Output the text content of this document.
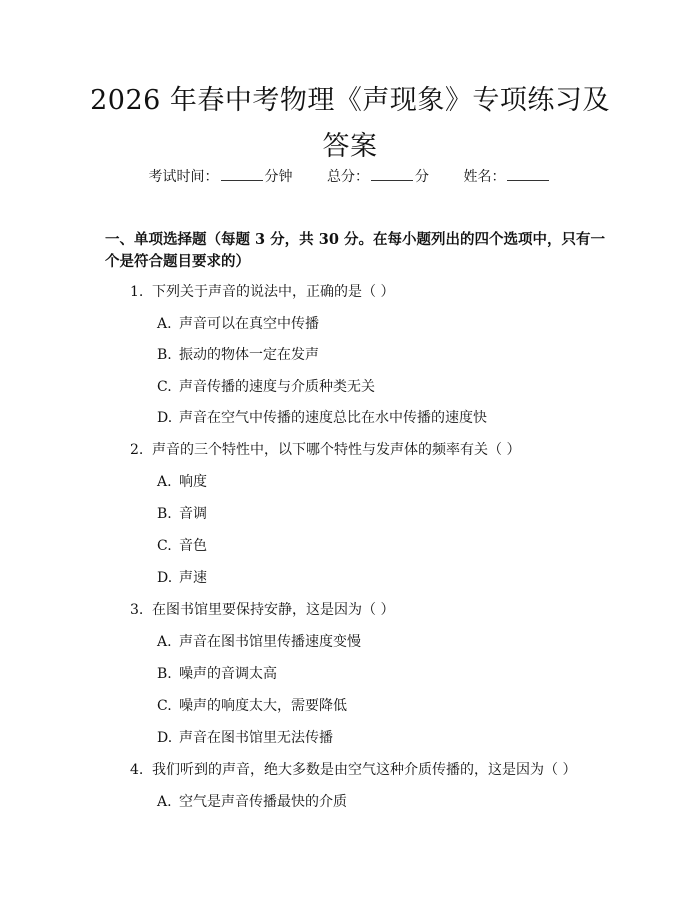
2026 年春中考物理《声现象》专项练习及答案
考试时间：	分钟 总分：	分 姓名：
一、单项选择题（每题 3 分，共 30 分。在每小题列出的四个选项中，只有一个是符合题目要求的）
1. 下列关于声音的说法中，正确的是（ ）
A. 声音可以在真空中传播
B. 振动的物体一定在发声
C. 声音传播的速度与介质种类无关
D. 声音在空气中传播的速度总比在水中传播的速度快
2. 声音的三个特性中，以下哪个特性与发声体的频率有关（ ）
A. 响度
B. 音调
C. 音色
D. 声速
3. 在图书馆里要保持安静，这是因为（ ）
A. 声音在图书馆里传播速度变慢
B. 噪声的音调太高
C. 噪声的响度太大，需要降低
D. 声音在图书馆里无法传播
4. 我们听到的声音，绝大多数是由空气这种介质传播的，这是因为（ ）
A. 空气是声音传播最快的介质
